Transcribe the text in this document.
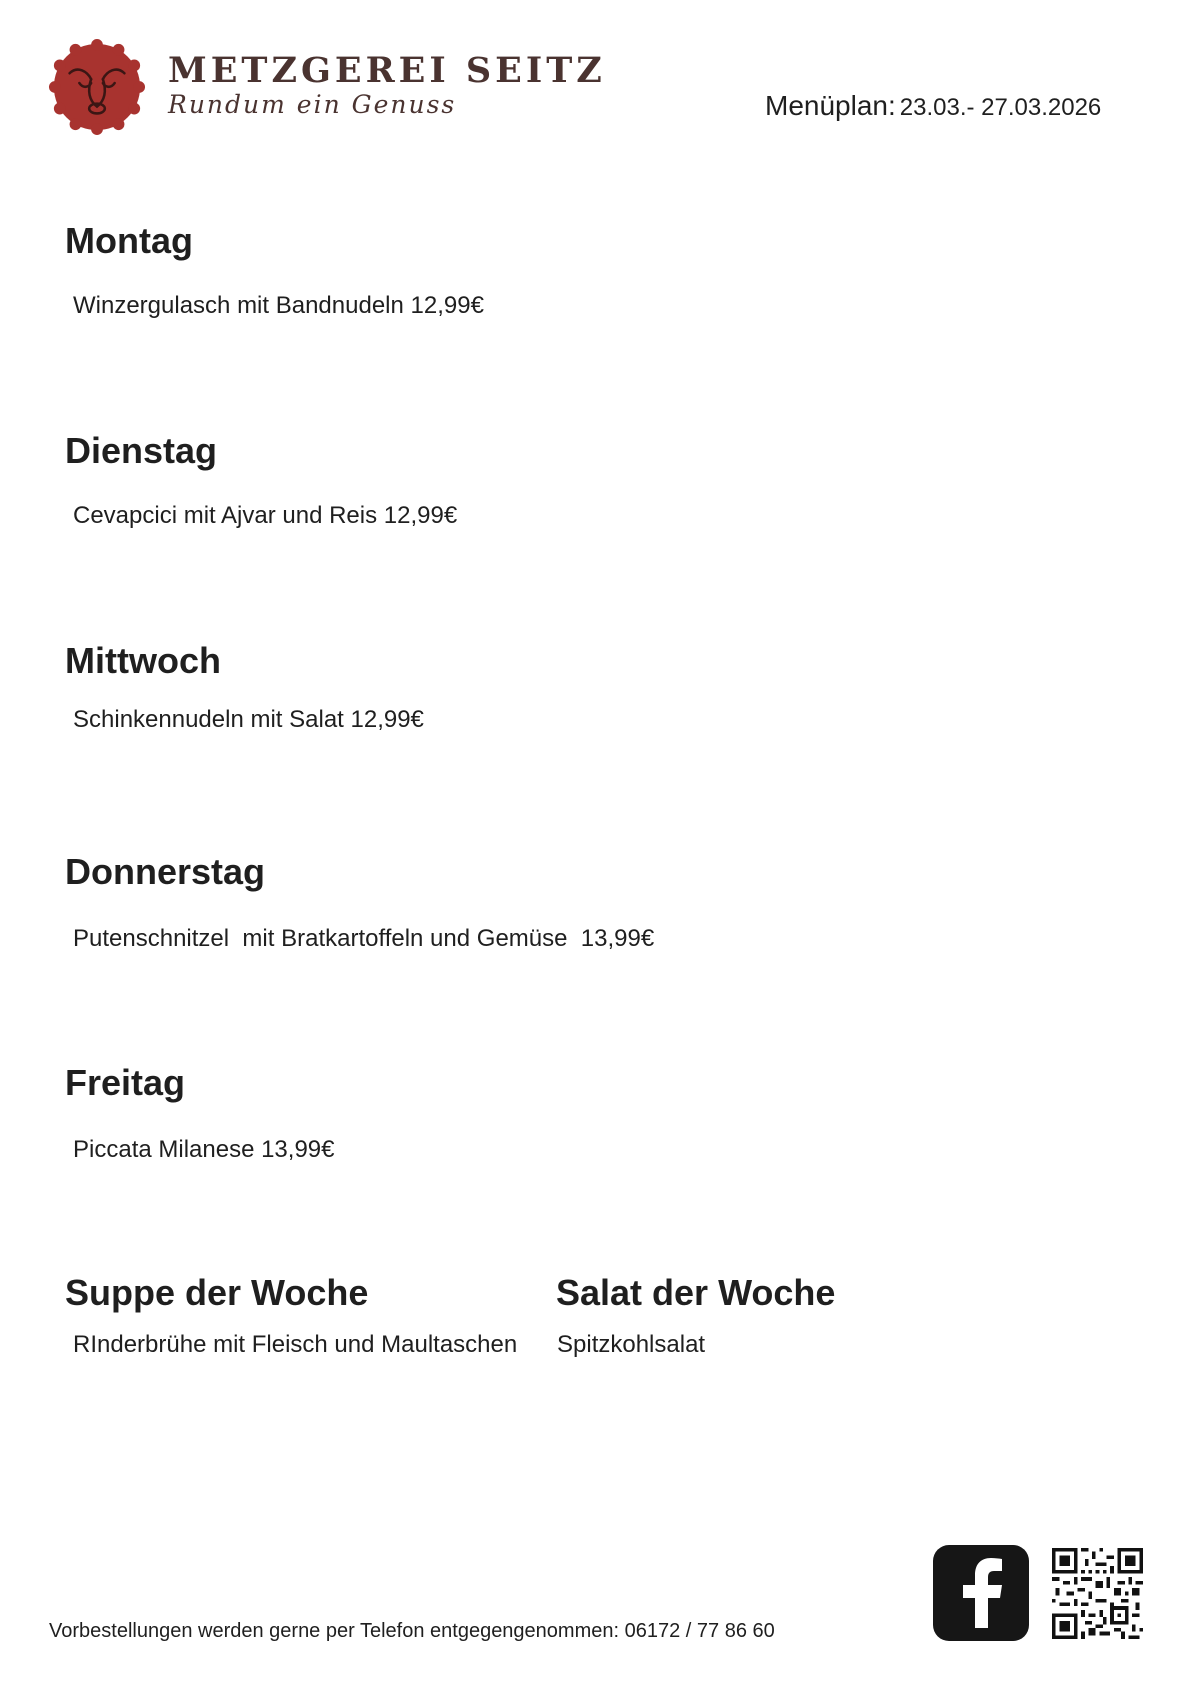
METZGEREI SEITZ
Rundum ein Genuss	Menüplan: 23.03.- 27.03.2026
Montag
Winzergulasch mit Bandnudeln 12,99€
Dienstag
Cevapcici mit Ajvar und Reis 12,99€
Mittwoch
Schinkennudeln mit Salat 12,99€
Donnerstag
Putenschnitzel  mit Bratkartoffeln und Gemüse  13,99€
Freitag
Piccata Milanese 13,99€
Suppe der Woche
RInderbrühe mit Fleisch und Maultaschen
Salat der Woche
Spitzkohlsalat
Vorbestellungen werden gerne per Telefon entgegengenommen: 06172 / 77 86 60
